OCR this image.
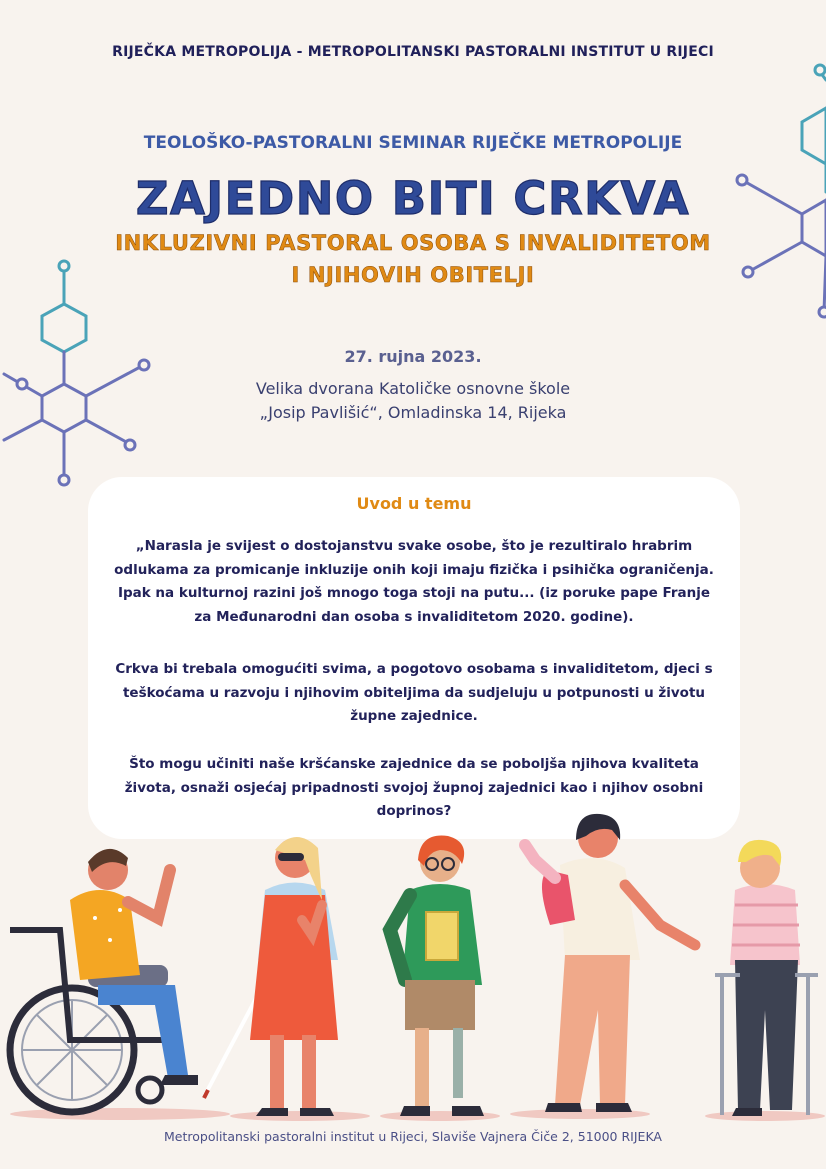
RIJEČKA METROPOLIJA - METROPOLITANSKI PASTORALNI INSTITUT U RIJECI
TEOLOŠKO-PASTORALNI SEMINAR RIJEČKE METROPOLIJE
ZAJEDNO BITI CRKVA
INKLUZIVNI PASTORAL OSOBA S INVALIDITETOM
I NJIHOVIH OBITELJI
27. rujna 2023.
Velika dvorana Katoličke osnovne škole
„Josip Pavlišić“, Omladinska 14, Rijeka
Uvod u temu
„Narasla je svijest o dostojanstvu svake osobe, što je rezultiralo hrabrim odlukama za promicanje inkluzije onih koji imaju fizička i psihička ograničenja. Ipak na kulturnoj razini još mnogo toga stoji na putu... (iz poruke pape Franje za Međunarodni dan osoba s invaliditetom 2020. godine).
Crkva bi trebala omogućiti svima, a pogotovo osobama s invaliditetom, djeci s teškoćama u razvoju i njihovim obiteljima da sudjeluju u potpunosti u životu župne zajednice.
Što mogu učiniti naše kršćanske zajednice da se poboljša njihova kvaliteta života, osnaži osjećaj pripadnosti svojoj župnoj zajednici kao i njihov osobni doprinos?
Metropolitanski pastoralni institut u Rijeci, Slaviše Vajnera Čiče 2, 51000 RIJEKA
